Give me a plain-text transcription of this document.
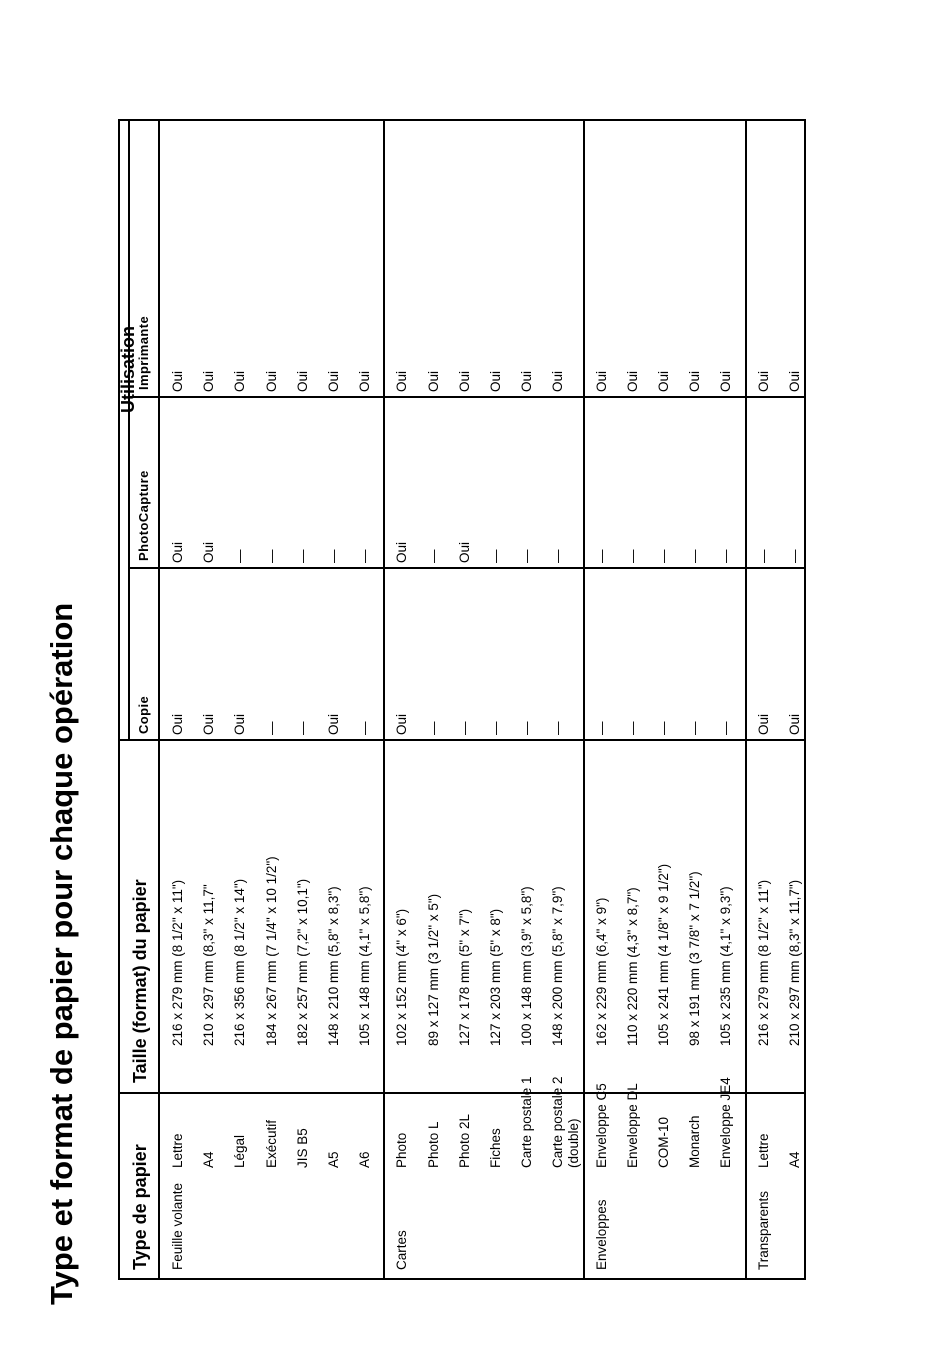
Type et format de papier pour chaque opération	Type de papier
Taille (format) du papier
Utilisation
Copie
PhotoCapture
Imprimante
Feuille volante
Lettre
216 x 279 mm (8 1/2" x 11")
Oui
Oui
Oui
A4
210 x 297 mm (8,3" x 11,7"
Oui
Oui
Oui
Légal
216 x 356 mm (8 1/2" x 14")
Oui
—
Oui
Exécutif
184 x 267 mm (7 1/4" x 10 1/2")
—
—
Oui
JIS B5
182 x 257 mm (7,2" x 10,1")
—
—
Oui
A5
148 x 210 mm (5,8" x 8,3")
Oui
—
Oui
A6
105 x 148 mm (4,1" x 5,8")
—
—
Oui
Cartes
Photo
102 x 152 mm (4" x 6")
Oui
Oui
Oui
Photo L
89 x 127 mm (3 1/2" x 5")
—
—
Oui
Photo 2L
127 x 178 mm (5" x 7")
—
Oui
Oui
Fiches
127 x 203 mm (5" x 8")
—
—
Oui
Carte postale 1
100 x 148 mm (3,9" x 5,8")
—
—
Oui
Carte postale 2 (double)
148 x 200 mm (5,8" x 7,9")
—
—
Oui
Enveloppes
Enveloppe C5
162 x 229 mm (6,4" x 9")
—
—
Oui
Enveloppe DL
110 x 220 mm (4,3" x 8,7")
—
—
Oui
COM-10
105 x 241 mm (4 1/8" x 9 1/2")
—
—
Oui
Monarch
98 x 191 mm (3 7/8" x 7 1/2")
—
—
Oui
Enveloppe JE4
105 x 235 mm (4,1" x 9,3")
—
—
Oui
Transparents
Lettre
216 x 279 mm (8 1/2" x 11")
Oui
—
Oui
A4
210 x 297 mm (8,3" x 11,7")
Oui
—
Oui
